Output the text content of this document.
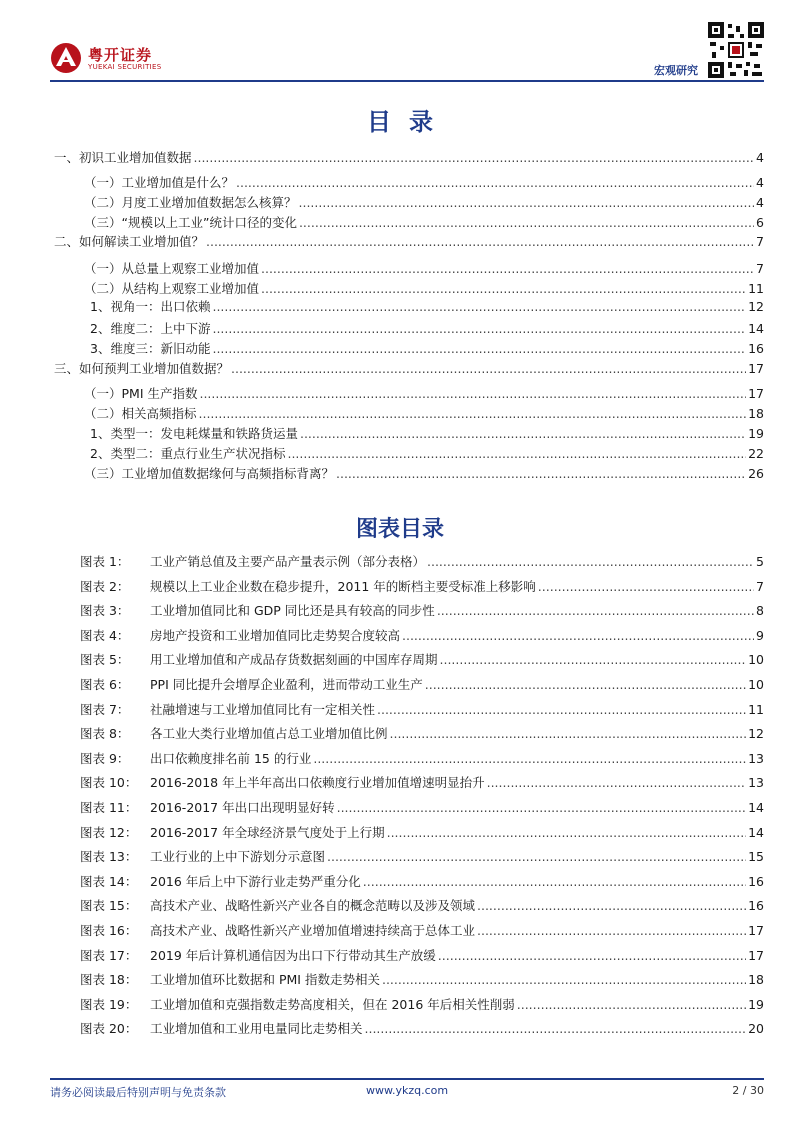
粤开证券
YUEKAI SECURITIES	宏观研究
目录
一、初识工业增加值数据 .....	4
（一）工业增加值是什么？ .....	4
（二）月度工业增加值数据怎么核算？ .....	4
（三）“规模以上工业”统计口径的变化 .....	6
二、如何解读工业增加值？ .....	7
（一）从总量上观察工业增加值 .....	7
（二）从结构上观察工业增加值 .....	11
1、视角一：出口依赖 .....	12
2、维度二：上中下游 .....	14
3、维度三：新旧动能 .....	16
三、如何预判工业增加值数据？ .....	17
（一）PMI 生产指数 .....	17
（二）相关高频指标 .....	18
1、类型一：发电耗煤量和铁路货运量 .....	19
2、类型二：重点行业生产状况指标 .....	22
（三）工业增加值数据缘何与高频指标背离？ .....	26
图表目录
图表 1：	工业产销总值及主要产品产量表示例（部分表格） .....	5
图表 2：	规模以上工业企业数在稳步提升，2011 年的断档主要受标准上移影响 .....	7
图表 3：	工业增加值同比和 GDP 同比还是具有较高的同步性 .....	8
图表 4：	房地产投资和工业增加值同比走势契合度较高 .....	9
图表 5：	用工业增加值和产成品存货数据刻画的中国库存周期 .....	10
图表 6：	PPI 同比提升会增厚企业盈利，进而带动工业生产 .....	10
图表 7：	社融增速与工业增加值同比有一定相关性 .....	11
图表 8：	各工业大类行业增加值占总工业增加值比例 .....	12
图表 9：	出口依赖度排名前 15 的行业 .....	13
图表 10：	2016-2018 年上半年高出口依赖度行业增加值增速明显抬升 .....	13
图表 11：	2016-2017 年出口出现明显好转 .....	14
图表 12：	2016-2017 年全球经济景气度处于上行期 .....	14
图表 13：	工业行业的上中下游划分示意图 .....	15
图表 14：	2016 年后上中下游行业走势严重分化 .....	16
图表 15：	高技术产业、战略性新兴产业各自的概念范畴以及涉及领域 .....	16
图表 16：	高技术产业、战略性新兴产业增加值增速持续高于总体工业 .....	17
图表 17：	2019 年后计算机通信因为出口下行带动其生产放缓 .....	17
图表 18：	工业增加值环比数据和 PMI 指数走势相关 .....	18
图表 19：	工业增加值和克强指数走势高度相关，但在 2016 年后相关性削弱 .....	19
图表 20：	工业增加值和工业用电量同比走势相关 .....	20
请务必阅读最后特别声明与免责条款	www.ykzq.com	2 / 30
